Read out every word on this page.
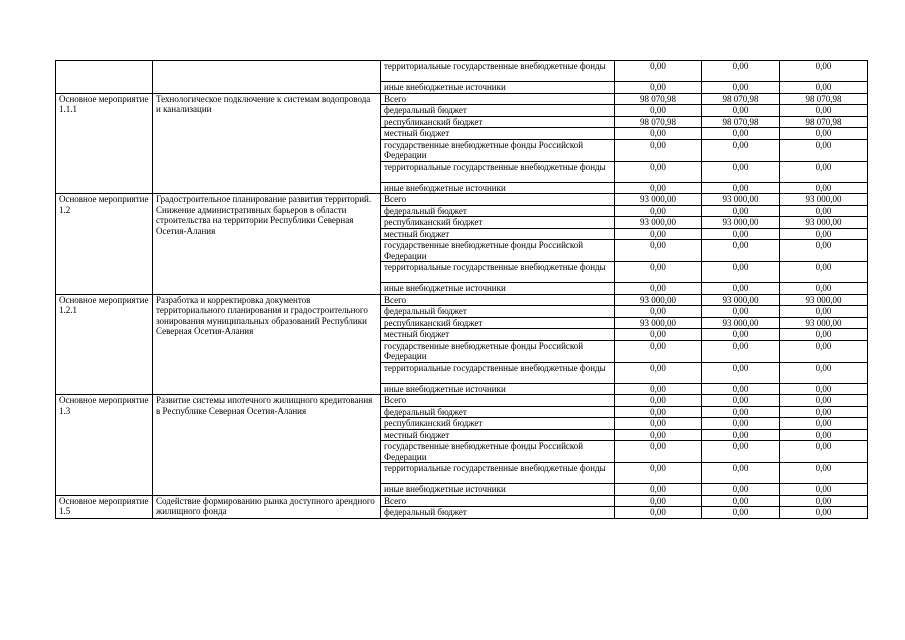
		территориальные государственные внебюджетные фонды	0,00	0,00	0,00
		иные внебюджетные источники	0,00	0,00	0,00
Основное мероприятие 1.1.1	Технологическое подключение к системам водопровода и канализации	Всего	98 070,98	98 070,98	98 070,98
		федеральный бюджет	0,00	0,00	0,00
		республиканский бюджет	98 070,98	98 070,98	98 070,98
		местный бюджет	0,00	0,00	0,00
		государственные внебюджетные фонды Российской Федерации	0,00	0,00	0,00
		территориальные государственные внебюджетные фонды	0,00	0,00	0,00
		иные внебюджетные источники	0,00	0,00	0,00
Основное мероприятие 1.2	Градостроительное планирование развития территорий. Снижение административных барьеров в области строительства на территории Республики Северная Осетия-Алания	Всего	93 000,00	93 000,00	93 000,00
		федеральный бюджет	0,00	0,00	0,00
		республиканский бюджет	93 000,00	93 000,00	93 000,00
		местный бюджет	0,00	0,00	0,00
		государственные внебюджетные фонды Российской Федерации	0,00	0,00	0,00
		территориальные государственные внебюджетные фонды	0,00	0,00	0,00
		иные внебюджетные источники	0,00	0,00	0,00
Основное мероприятие 1.2.1	Разработка и корректировка документов территориального планирования и градостроительного зонирования муниципальных образований Республики Северная Осетия-Алания	Всего	93 000,00	93 000,00	93 000,00
		федеральный бюджет	0,00	0,00	0,00
		республиканский бюджет	93 000,00	93 000,00	93 000,00
		местный бюджет	0,00	0,00	0,00
		государственные внебюджетные фонды Российской Федерации	0,00	0,00	0,00
		территориальные государственные внебюджетные фонды	0,00	0,00	0,00
		иные внебюджетные источники	0,00	0,00	0,00
Основное мероприятие 1.3	Развитие системы ипотечного жилищного кредитования в Республике Северная Осетия-Алания	Всего	0,00	0,00	0,00
		федеральный бюджет	0,00	0,00	0,00
		республиканский бюджет	0,00	0,00	0,00
		местный бюджет	0,00	0,00	0,00
		государственные внебюджетные фонды Российской Федерации	0,00	0,00	0,00
		территориальные государственные внебюджетные фонды	0,00	0,00	0,00
		иные внебюджетные источники	0,00	0,00	0,00
Основное мероприятие 1.5	Содействие формированию рынка доступного арендного жилищного фонда	Всего	0,00	0,00	0,00
		федеральный бюджет	0,00	0,00	0,00
